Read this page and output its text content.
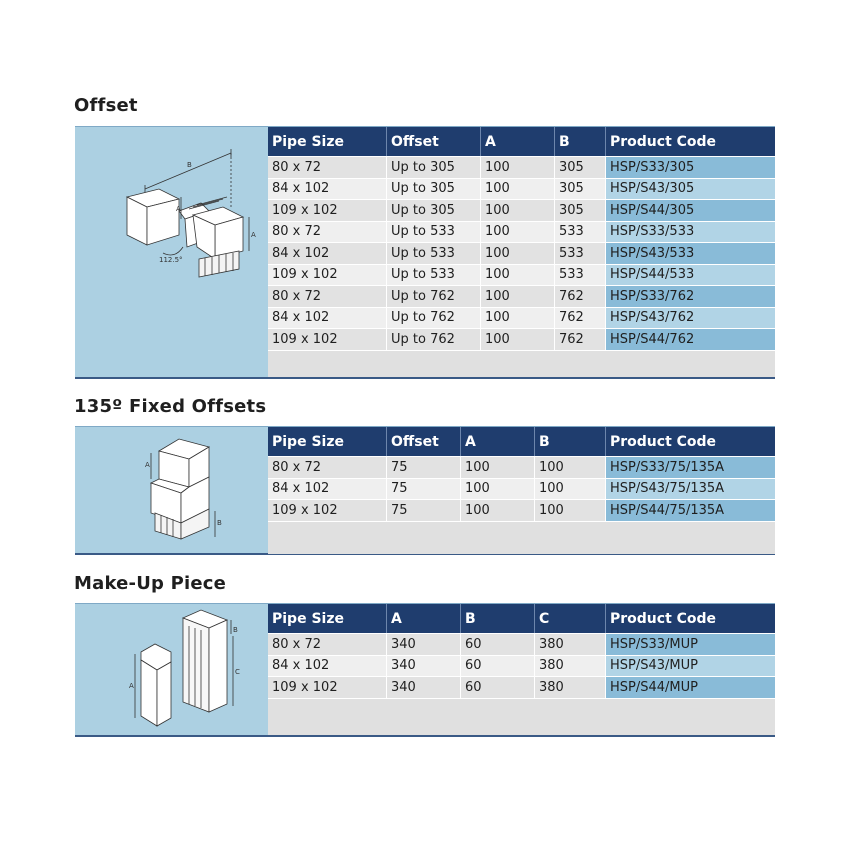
Offset
B
A
A
112.5°
Pipe Size	Offset	A	B	Product Code
80 x 72	Up to 305	100	305	HSP/S33/305
84 x 102	Up to 305	100	305	HSP/S43/305
109 x 102	Up to 305	100	305	HSP/S44/305
80 x 72	Up to 533	100	533	HSP/S33/533
84 x 102	Up to 533	100	533	HSP/S43/533
109 x 102	Up to 533	100	533	HSP/S44/533
80 x 72	Up to 762	100	762	HSP/S33/762
84 x 102	Up to 762	100	762	HSP/S43/762
109 x 102	Up to 762	100	762	HSP/S44/762
135º Fixed Offsets
A
B
Pipe Size	Offset	A	B	Product Code
80 x 72	75	100	100	HSP/S33/75/135A
84 x 102	75	100	100	HSP/S43/75/135A
109 x 102	75	100	100	HSP/S44/75/135A
Make-Up Piece
A
B
C
Pipe Size	A	B	C	Product Code
80 x 72	340	60	380	HSP/S33/MUP
84 x 102	340	60	380	HSP/S43/MUP
109 x 102	340	60	380	HSP/S44/MUP
